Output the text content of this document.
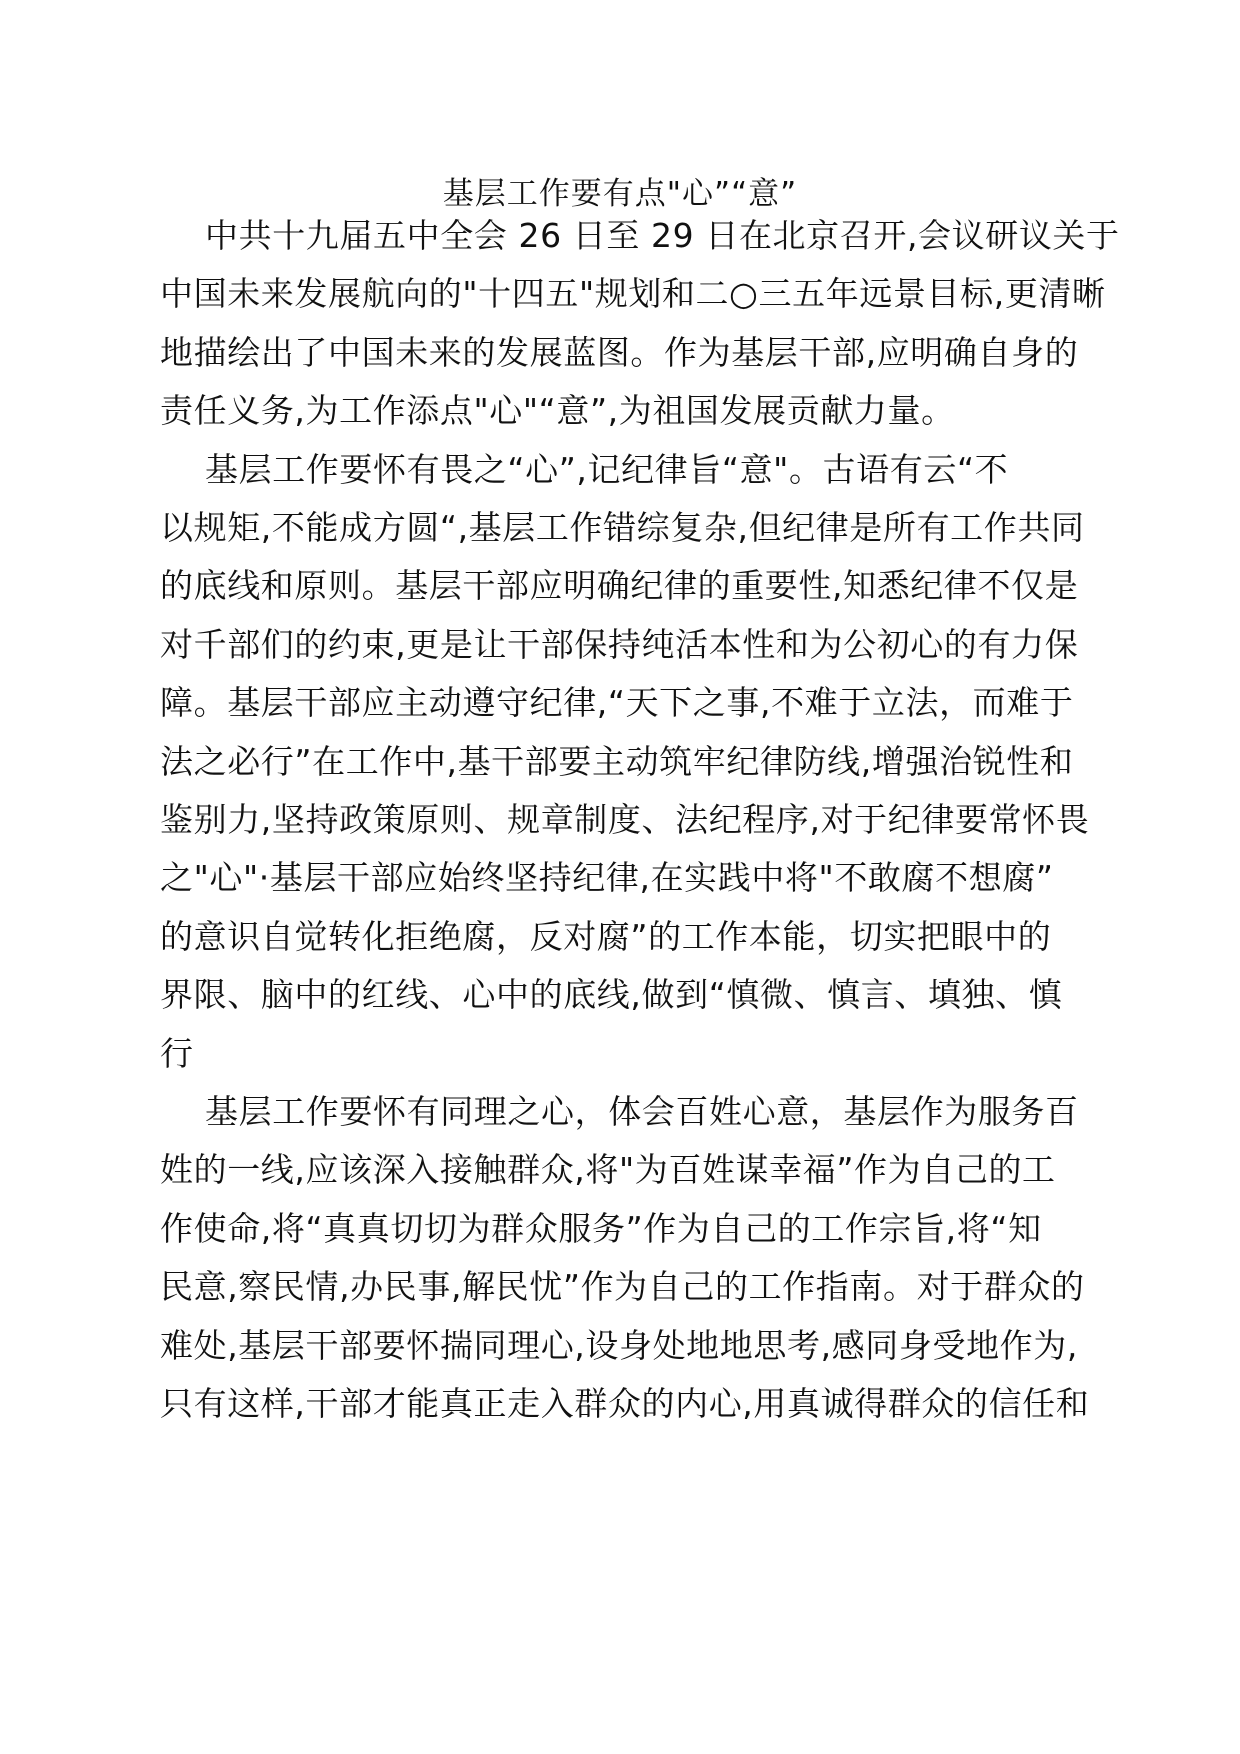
基层工作要有点"心”“意”
中共十九届五中全会 26 日至 29 日在北京召开,会议研议关于
中国未来发展航向的"十四五"规划和二○三五年远景目标,更清晰
地描绘出了中国未来的发展蓝图。作为基层干部,应明确自身的
责任义务,为工作添点"心"“意”,为祖国发展贡献力量。
基层工作要怀有畏之“心”,记纪律旨“意"。古语有云“不
以规矩,不能成方圆“,基层工作错综复杂,但纪律是所有工作共同
的底线和原则。基层干部应明确纪律的重要性,知悉纪律不仅是
对千部们的约束,更是让干部保持纯活本性和为公初心的有力保
障。基层干部应主动遵守纪律,“天下之事,不难于立法，而难于
法之必行”在工作中,基干部要主动筑牢纪律防线,增强治锐性和
鉴别力,坚持政策原则、规章制度、法纪程序,对于纪律要常怀畏
之"心"·基层干部应始终坚持纪律,在实践中将"不敢腐不想腐”
的意识自觉转化拒绝腐，反对腐”的工作本能，切实把眼中的
界限、脑中的红线、心中的底线,做到“慎微、慎言、填独、慎
行
基层工作要怀有同理之心，体会百姓心意，基层作为服务百
姓的一线,应该深入接触群众,将"为百姓谋幸福”作为自己的工
作使命,将“真真切切为群众服务”作为自己的工作宗旨,将“知
民意,察民情,办民事,解民忧”作为自己的工作指南。对于群众的
难处,基层干部要怀揣同理心,设身处地地思考,感同身受地作为,
只有这样,干部才能真正走入群众的内心,用真诚得群众的信任和
